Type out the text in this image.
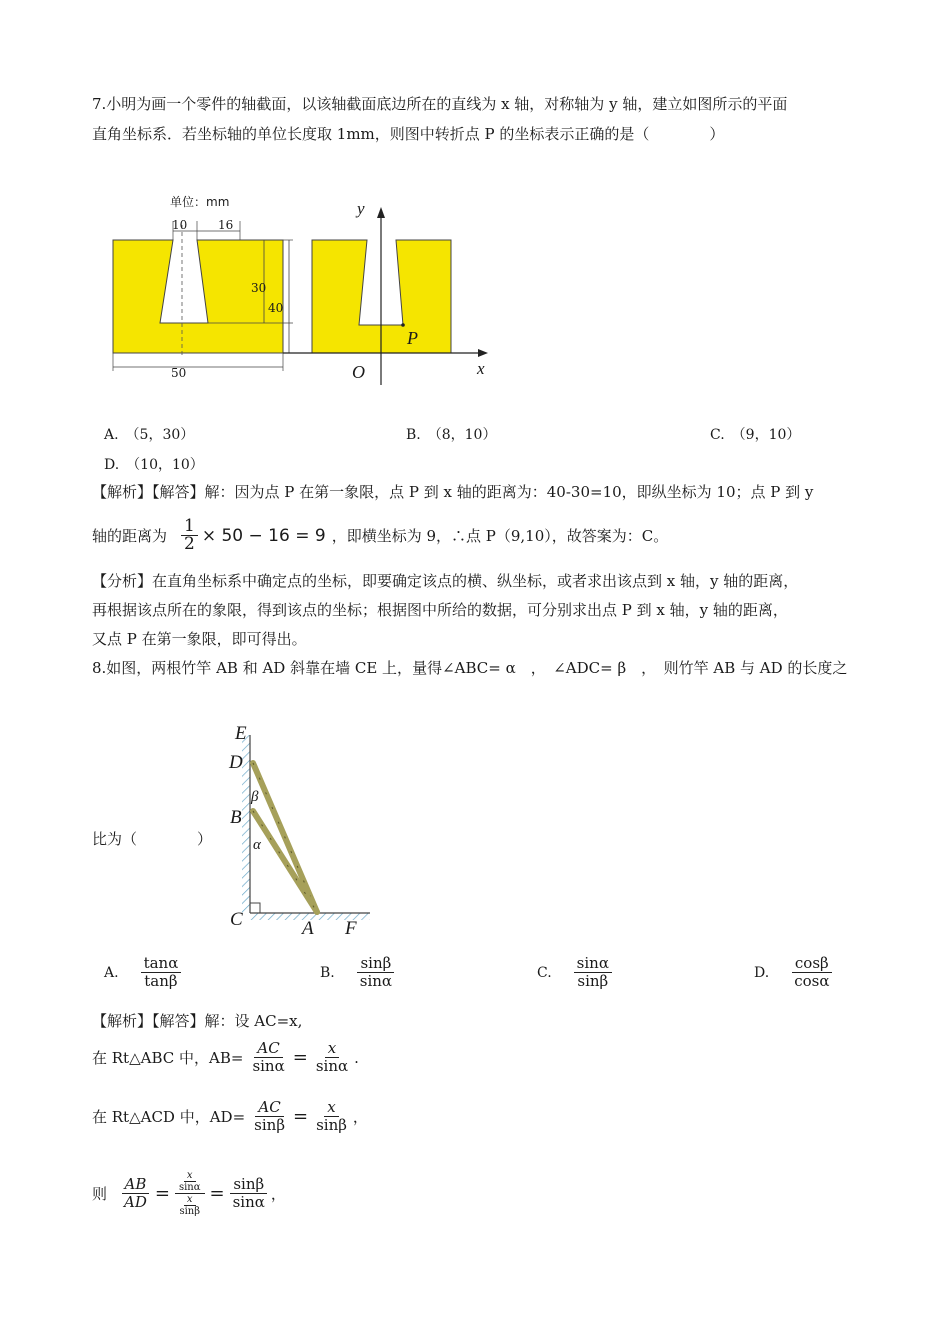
7.小明为画一个零件的轴截面，以该轴截面底边所在的直线为 x 轴，对称轴为 y 轴，建立如图所示的平面
直角坐标系．若坐标轴的单位长度取 1mm，则图中转折点 P 的坐标表示正确的是（　　　　）
单位：mm
10	16
30
40
50
y
x
O
P
A.　（5，30）	B.　（8，10）	C.　（9，10）
D.　（10，10）
【解析】【解答】解：因为点 P 在第一象限，点 P 到 x 轴的距离为：40-30=10，即纵坐标为 10；点 P 到 y
轴的距离为 $\frac{1}{2} \times 50 - 16 = 9$ ，即横坐标为 9，∴点 P（9,10），故答案为：C。
【分析】在直角坐标系中确定点的坐标，即要确定该点的横、纵坐标，或者求出该点到 x 轴，y 轴的距离，
再根据该点所在的象限，得到该点的坐标；根据图中所给的数据，可分别求出点 P 到 x 轴，y 轴的距离，
又点 P 在第一象限，即可得出。
8.如图，两根竹竿 AB 和 AD 斜靠在墙 CE 上，量得∠ABC= α　，　∠ADC= β　，　则竹竿 AB 与 AD 的长度之
比为（　　　　）
E
D
β
B
α
C	A F
A. $\frac{\tan\alpha}{\tan\beta}$	B. $\frac{\sin\beta}{\sin\alpha}$	C. $\frac{\sin\alpha}{\sin\beta}$	D. $\frac{\cos\beta}{\cos\alpha}$
【解析】【解答】解：设 AC=x,
在 Rt△ABC 中，$AB= \frac{AC}{\sin\alpha} = \frac{x}{\sin\alpha}$ .
在 Rt△ACD 中，$AD= \frac{AC}{\sin\beta} = \frac{x}{\sin\beta}$ ，
则 $\frac{AB}{AD} = \frac{\frac{x}{\sin\alpha}}{\frac{x}{\sin\beta}} = \frac{\sin\beta}{\sin\alpha}$ ，
